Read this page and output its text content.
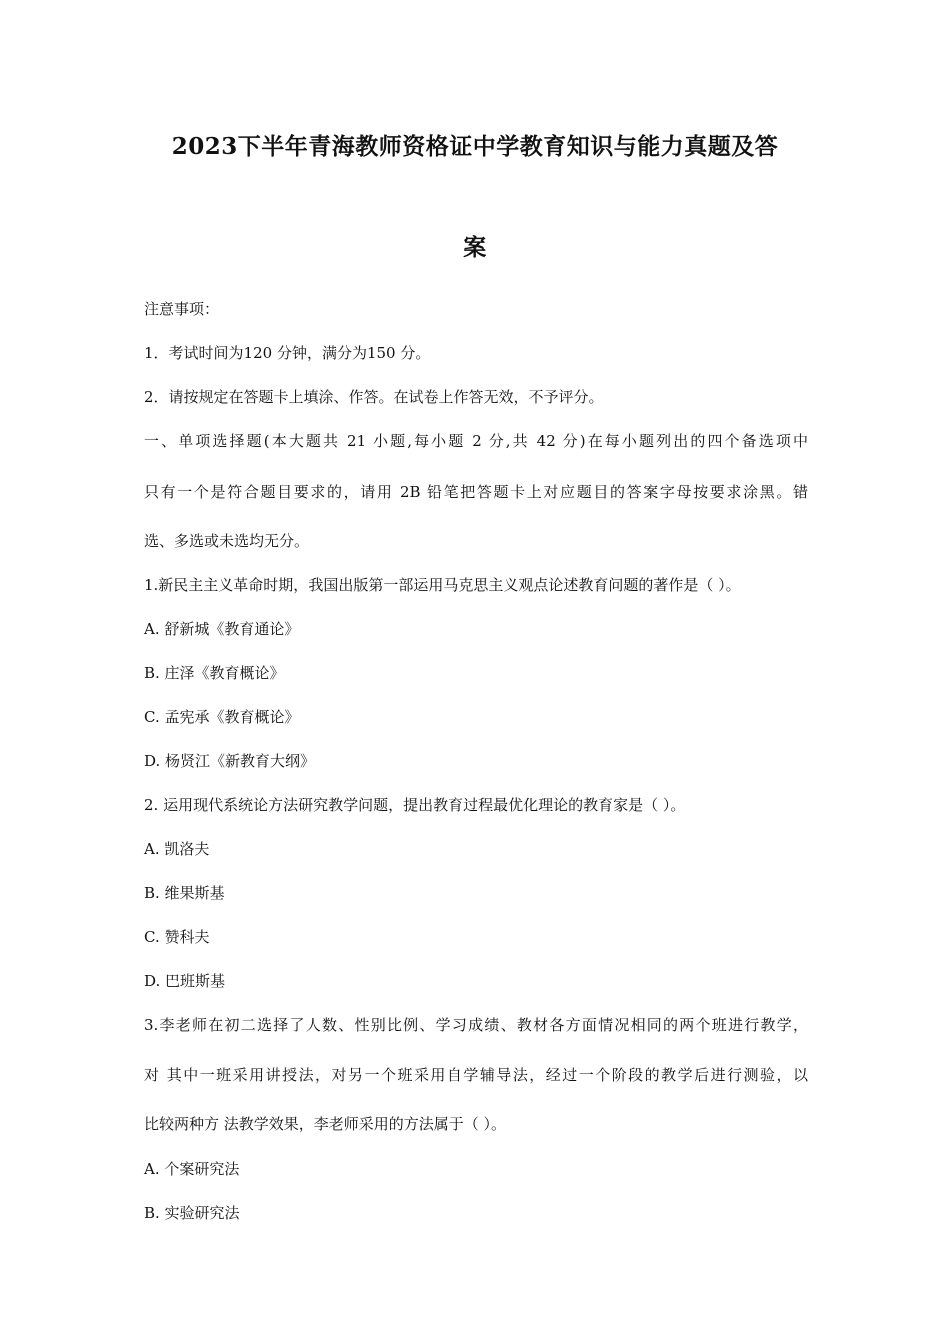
2023下半年青海教师资格证中学教育知识与能力真题及答
案

注意事项：

1．考试时间为120 分钟，满分为150 分。

2．请按规定在答题卡上填涂、作答。在试卷上作答无效，不予评分。

一、单项选择题(本大题共 21 小题,每小题 2 分,共 42 分)在每小题列出的四个备选项中

只有一个是符合题目要求的，请用 2B 铅笔把答题卡上对应题目的答案字母按要求涂黑。错

选、多选或未选均无分。

1.新民主主义革命时期，我国出版第一部运用马克思主义观点论述教育问题的著作是（ ）。

A. 舒新城《教育通论》

B. 庄泽《教育概论》

C. 孟宪承《教育概论》

D. 杨贤江《新教育大纲》

2. 运用现代系统论方法研究教学问题，提出教育过程最优化理论的教育家是（ ）。

A. 凯洛夫

B. 维果斯基

C. 赞科夫

D. 巴班斯基

3.李老师在初二选择了人数、性别比例、学习成绩、教材各方面情况相同的两个班进行教学，

对 其中一班采用讲授法，对另一个班采用自学辅导法，经过一个阶段的教学后进行测验，以

比较两种方 法教学效果，李老师采用的方法属于（ ）。

A. 个案研究法

B. 实验研究法
